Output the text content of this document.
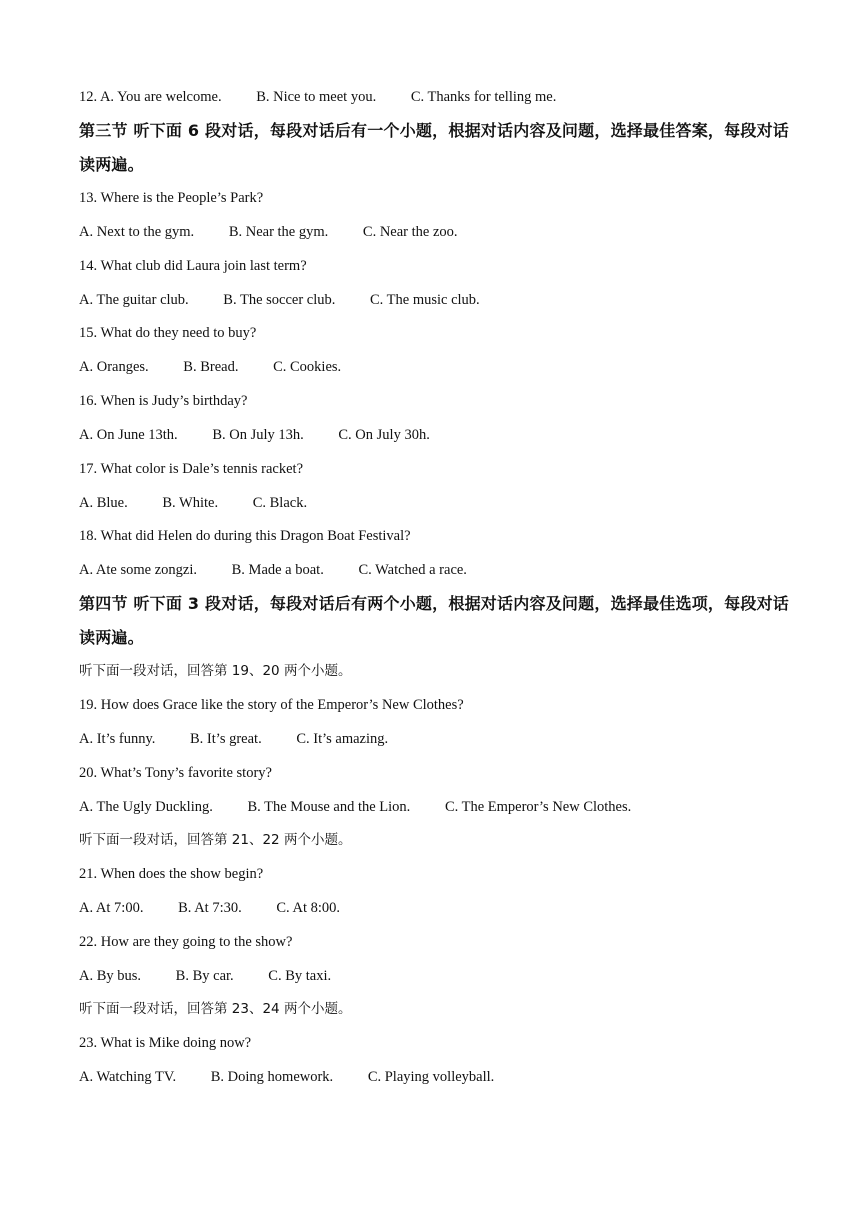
12. A. You are welcome. B. Nice to meet you. C. Thanks for telling me.
第三节 听下面 6 段对话，每段对话后有一个小题，根据对话内容及问题，选择最佳答案，每段对话读两遍。
13. Where is the People’s Park?
A. Next to the gym. B. Near the gym. C. Near the zoo.
14. What club did Laura join last term?
A. The guitar club. B. The soccer club. C. The music club.
15. What do they need to buy?
A. Oranges. B. Bread. C. Cookies.
16. When is Judy’s birthday?
A. On June 13th. B. On July 13h. C. On July 30h.
17. What color is Dale’s tennis racket?
A. Blue. B. White. C. Black.
18. What did Helen do during this Dragon Boat Festival?
A. Ate some zongzi. B. Made a boat. C. Watched a race.
第四节 听下面 3 段对话，每段对话后有两个小题，根据对话内容及问题，选择最佳选项，每段对话读两遍。
听下面一段对话，回答第 19、20 两个小题。
19. How does Grace like the story of the Emperor’s New Clothes?
A. It’s funny. B. It’s great. C. It’s amazing.
20. What’s Tony’s favorite story?
A. The Ugly Duckling. B. The Mouse and the Lion. C. The Emperor’s New Clothes.
听下面一段对话，回答第 21、22 两个小题。
21. When does the show begin?
A. At 7:00. B. At 7:30. C. At 8:00.
22. How are they going to the show?
A. By bus. B. By car. C. By taxi.
听下面一段对话，回答第 23、24 两个小题。
23. What is Mike doing now?
A. Watching TV. B. Doing homework. C. Playing volleyball.
